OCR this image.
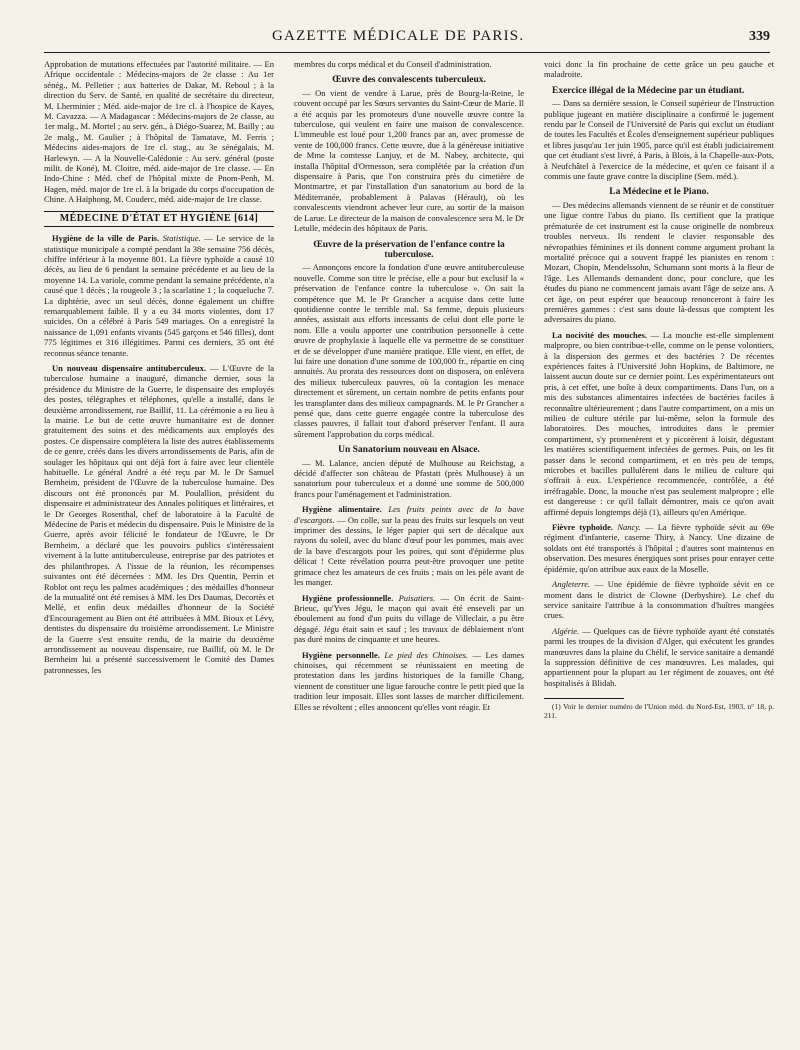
GAZETTE MÉDICALE DE PARIS.	339

Approbation de mutations effectuées par l'autorité militaire. — En Afrique occidentale : Médecins-majors de 2e classe : Au 1er sénég., M. Pelletier ; aux batteries de Dakar, M. Reboul ; à la direction du Serv. de Santé, en qualité de secrétaire du directeur, M. Lherminier ; Méd. aide-major de 1re cl. à l'hospice de Kayes, M. Cavazza. — A Madagascar : Médecins-majors de 2e classe, au 1er malg., M. Mortel ; au serv. gén., à Diégo-Suarez, M. Bailly ; au 2e malg., M. Gaulier ; à l'hôpital de Tamatave, M. Ferris ; Médecins aides-majors de 1re cl. stag., au 3e sénégalais, M. Harlewyn. — A la Nouvelle-Calédonie : Au serv. général (poste milit. de Koné), M. Cloitre, méd. aide-major de 1re classe. — En Indo-Chine : Méd. chef de l'hôpital mixte de Pnom-Penh, M. Hagen, méd. major de 1re cl. à la brigade du corps d'occupation de Chine. A Haïphong, M. Couderc, méd. aide-major de 1re classe.

MÉDECINE D'ÉTAT ET HYGIÈNE [614]

Hygiène de la ville de Paris. Statistique. — Le service de la statistique municipale a compté pendant la 38e semaine 756 décès, chiffre inférieur à la moyenne 801. La fièvre typhoïde a causé 10 décès, au lieu de 6 pendant la semaine précédente et au lieu de la moyenne 14. La variole, comme pendant la semaine précédente, n'a causé que 1 décès ; la rougeole 3 ; la scarlatine 1 ; la coqueluche 7. La diphtérie, avec un seul décès, donne également un chiffre remarquablement faible. Il y a eu 34 morts violentes, dont 17 suicides. On a célébré à Paris 549 mariages. On a enregistré la naissance de 1,091 enfants vivants (545 garçons et 546 filles), dont 775 légitimes et 316 illégitimes. Parmi ces derniers, 35 ont été reconnus séance tenante.

Un nouveau dispensaire antituberculeux. — L'Œuvre de la tuberculose humaine a inauguré, dimanche dernier, sous la présidence du Ministre de la Guerre, le dispensaire des employés des postes, télégraphes et téléphones, qu'elle a installé, dans le deuxième arrondissement, rue Baillif, 11. La cérémonie a eu lieu à la mairie. Le but de cette œuvre humanitaire est de donner gratuitement des soins et des médicaments aux employés des postes. Ce dispensaire complètera la liste des autres établissements de ce genre, créés dans les divers arrondissements de Paris, afin de soulager les hôpitaux qui ont déjà fort à faire avec leur clientèle habituelle. Le général André a été reçu par M. le Dr Samuel Bernheim, président de l'Œuvre de la tuberculose humaine. Des discours ont été prononcés par M. Poulallion, président du dispensaire et administrateur des Annales politiques et littéraires, et le Dr Georges Rosenthal, chef de laboratoire à la Faculté de Médecine de Paris et médecin du dispensaire. Puis le Ministre de la Guerre, après avoir félicité le fondateur de l'Œuvre, le Dr Bernheim, a déclaré que les pouvoirs publics s'intéressaient vivement à la lutte antituberculeuse, entreprise par des patriotes et des philanthropes. A l'issue de la réunion, les récompenses suivantes ont été décernées : MM. les Drs Quentin, Perrin et Roblot ont reçu les palmes académiques ; des médailles d'honneur de la mutualité ont été remises à MM. les Drs Daumas, Decortès et Mellé, et enfin deux médailles d'honneur de la Société d'Encouragement au Bien ont été attribuées à MM. Bioux et Lévy, dentistes du dispensaire du troisième arrondissement. Le Ministre de la Guerre s'est ensuite rendu, de la mairie du deuxième arrondissement au nouveau dispensaire, rue Baillif, où M. le Dr Bernheim lui a présenté successivement le Comité des Dames patronnesses, les

membres du corps médical et du Conseil d'administration.

Œuvre des convalescents tuberculeux.

— On vient de vendre à Larue, près de Bourg-la-Reine, le couvent occupé par les Sœurs servantes du Saint-Cœur de Marie. Il a été acquis par les promoteurs d'une nouvelle œuvre contre la tuberculose, qui veulent en faire une maison de convalescence. L'immeuble est loué pour 1,200 francs par an, avec promesse de vente de 100,000 francs. Cette œuvre, due à la généreuse initiative de Mme la comtesse Lanjuy, et de M. Nabey, architecte, qui installa l'hôpital d'Ormesson, sera complétée par la création d'un dispensaire à Paris, que l'on construira près du cimetière de Montmartre, et par l'installation d'un sanatorium au bord de la Méditerranée, probablement à Palavas (Hérault), où les convalescents viendront achever leur cure, au sortir de la maison de Larue. Le directeur de la maison de convalescence sera M. le Dr Letulle, médecin des hôpitaux de Paris.

Œuvre de la préservation de l'enfance contre la tuberculose.

— Annonçons encore la fondation d'une œuvre antituberculeuse nouvelle. Comme son titre le précise, elle a pour but exclusif la « préservation de l'enfance contre la tuberculose ». On sait la compétence que M. le Pr Grancher a acquise dans cette lutte quotidienne contre le terrible mal. Sa femme, depuis plusieurs années, assistait aux efforts incessants de celui dont elle porte le nom. Elle a voulu apporter une contribution personnelle à cette œuvre de prophylaxie à laquelle elle va permettre de se constituer et de se développer d'une manière pratique. Elle vient, en effet, de lui faire une donation d'une somme de 100,000 fr., répartie en cinq annuités. Au prorata des ressources dont on disposera, on enlèvera des milieux tuberculeux pauvres, où la contagion les menace directement et sûrement, un certain nombre de petits enfants pour les transplanter dans des milieux campagnards. M. le Pr Grancher a pensé que, dans cette guerre engagée contre la tuberculose des classes pauvres, il fallait tout d'abord préserver l'enfant. Il aura sûrement l'approbation du corps médical.

Un Sanatorium nouveau en Alsace.

— M. Lalance, ancien député de Mulhouse au Reichstag, a décidé d'affecter son château de Pfastatt (près Mulhouse) à un sanatorium pour tuberculeux et a donné une somme de 500,000 francs pour l'aménagement et l'administration.

Hygiène alimentaire. Les fruits peints avec de la bave d'escargots. — On colle, sur la peau des fruits sur lesquels on veut imprimer des dessins, le léger papier qui sert de décalque aux rayons du soleil, avec du blanc d'œuf pour les pommes, mais avec de la bave d'escargots pour les poires, qui sont d'épiderme plus délicat ! Cette révélation pourra peut-être provoquer une petite grimace chez les amateurs de ces fruits ; mais on les pèle avant de les manger.

Hygiène professionnelle. Puisatiers. — On écrit de Saint-Brieuc, qu'Yves Jégu, le maçon qui avait été enseveli par un éboulement au fond d'un puits du village de Villeclair, a pu être dégagé. Jégu était sain et sauf ; les travaux de déblaiement n'ont pas duré moins de cinquante et une heures.

Hygiène personnelle. Le pied des Chinoises. — Les dames chinoises, qui récemment se réunissaient en meeting de protestation dans les jardins historiques de la famille Chang, viennent de constituer une ligue farouche contre le petit pied que la tradition leur imposait. Elles sont lasses de marcher difficilement. Elles se révoltent ; elles annoncent qu'elles vont réagir. Et

voici donc la fin prochaine de cette grâce un peu gauche et maladroite.

Exercice illégal de la Médecine par un étudiant.

— Dans sa dernière session, le Conseil supérieur de l'Instruction publique jugeant en matière disciplinaire a confirmé le jugement rendu par le Conseil de l'Université de Paris qui exclut un étudiant de toutes les Facultés et Écoles d'enseignement supérieur publiques et libres jusqu'au 1er juin 1905, parce qu'il est établi judiciairement que cet étudiant s'est livré, à Paris, à Blois, à la Chapelle-aux-Pots, à Neufchâtel à l'exercice de la médecine, et qu'en ce faisant il a commis une faute grave contre la discipline (Sem. méd.).

La Médecine et le Piano.

— Des médecins allemands viennent de se réunir et de constituer une ligue contre l'abus du piano. Ils certifient que la pratique prématurée de cet instrument est la cause originelle de nombreux troubles nerveux. Ils rendent le clavier responsable des névropathies féminines et ils donnent comme argument probant la mortalité précoce qui a souvent frappé les pianistes en renom : Mozart, Chopin, Mendelssohn, Schumann sont morts à la fleur de l'âge. Les Allemands demandent donc, pour conclure, que les études du piano ne commencent jamais avant l'âge de seize ans. A cet âge, on peut espérer que beaucoup renonceront à faire les premières gammes : c'est sans doute là-dessus que comptent les adversaires du piano.

La nocivité des mouches. — La mouche est-elle simplement malpropre, ou bien contribue-t-elle, comme on le pense volontiers, à la dispersion des germes et des bactéries ? De récentes expériences faites à l'Université John Hopkins, de Baltimore, ne laissent aucun doute sur ce dernier point. Les expérimentateurs ont pris, à cet effet, une boîte à deux compartiments. Dans l'un, on a mis des substances alimentaires infectées de bactéries faciles à reconnaître ultérieurement ; dans l'autre compartiment, on a mis un milieu de culture stérile par lui-même, selon la formule des laboratoires. Des mouches, introduites dans le premier compartiment, s'y promenèrent et y picorèrent à loisir, dégustant les matières scientifiquement infectées de germes. Puis, on les fit passer dans le second compartiment, et en très peu de temps, microbes et bacilles pullulèrent dans le milieu de culture qui s'offrait à eux. L'expérience recommencée, contrôlée, a été irréfragable. Donc, la mouche n'est pas seulement malpropre ; elle est dangereuse : ce qu'il fallait démontrer, mais ce qu'on avait affirmé depuis longtemps déjà (1), ailleurs qu'en Amérique.

Fièvre typhoïde. Nancy. — La fièvre typhoïde sévit au 69e régiment d'infanterie, caserne Thiry, à Nancy. Une dizaine de soldats ont été transportés à l'hôpital ; d'autres sont maintenus en observation. Des mesures énergiques sont prises pour enrayer cette épidémie, qu'on attribue aux eaux de la Moselle.

Angleterre. — Une épidémie de fièvre typhoïde sévit en ce moment dans le district de Clowne (Derbyshire). Le chef du service sanitaire l'attribue à la consommation d'huîtres mangées crues.

Algérie. — Quelques cas de fièvre typhoïde ayant été constatés parmi les troupes de la division d'Alger, qui exécutent les grandes manœuvres dans la plaine du Chélif, le service sanitaire a demandé la suppression définitive de ces manœuvres. Les malades, qui appartiennent pour la plupart au 1er régiment de zouaves, ont été hospitalisés à Blidah.

(1) Voir le dernier numéro de l'Union méd. du Nord-Est, 1903, n° 18, p. 211.
